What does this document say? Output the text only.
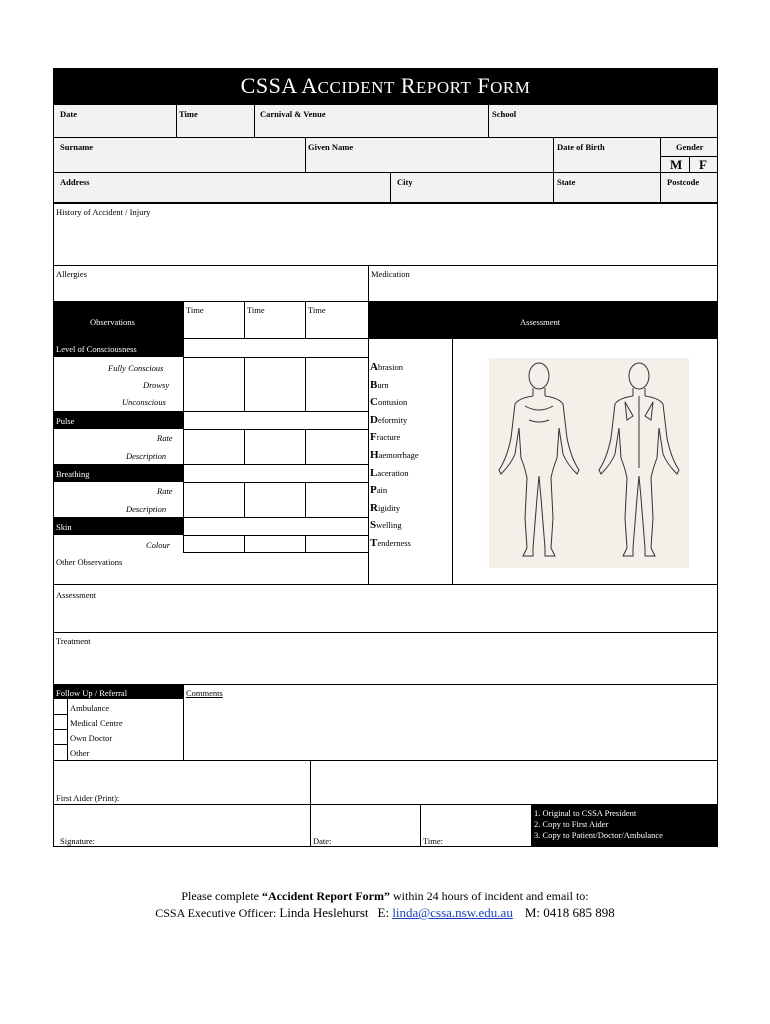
CSSA ACCIDENT REPORT FORM
Date	Time	Carnival & Venue	School
Surname	Given Name	Date of Birth	Gender
M F
Address	City	State	Postcode
History of Accident / Injury
Allergies	Medication
Observations
Time	Time	Time
Assessment
Level of Consciousness
Fully Conscious
Drowsy
Unconscious
Pulse
Rate
Description
Breathing
Rate
Description
Skin
Colour
Other Observations
Abrasion
Burn
Contusion
Deformity
Fracture
Haemorrhage
Laceration
Pain
Rigidity
Swelling
Tenderness
Assessment
Treatment
Follow Up / Referral	Comments
Ambulance
Medical Centre
Own Doctor
Other
First Aider (Print):
Signature:	Date:	Time:
1. Original to CSSA President
2. Copy to First Aider
3. Copy to Patient/Doctor/Ambulance
Please complete “Accident Report Form” within 24 hours of incident and email to:
CSSA Executive Officer: Linda Heslehurst E: linda@cssa.nsw.edu.au M: 0418 685 898
